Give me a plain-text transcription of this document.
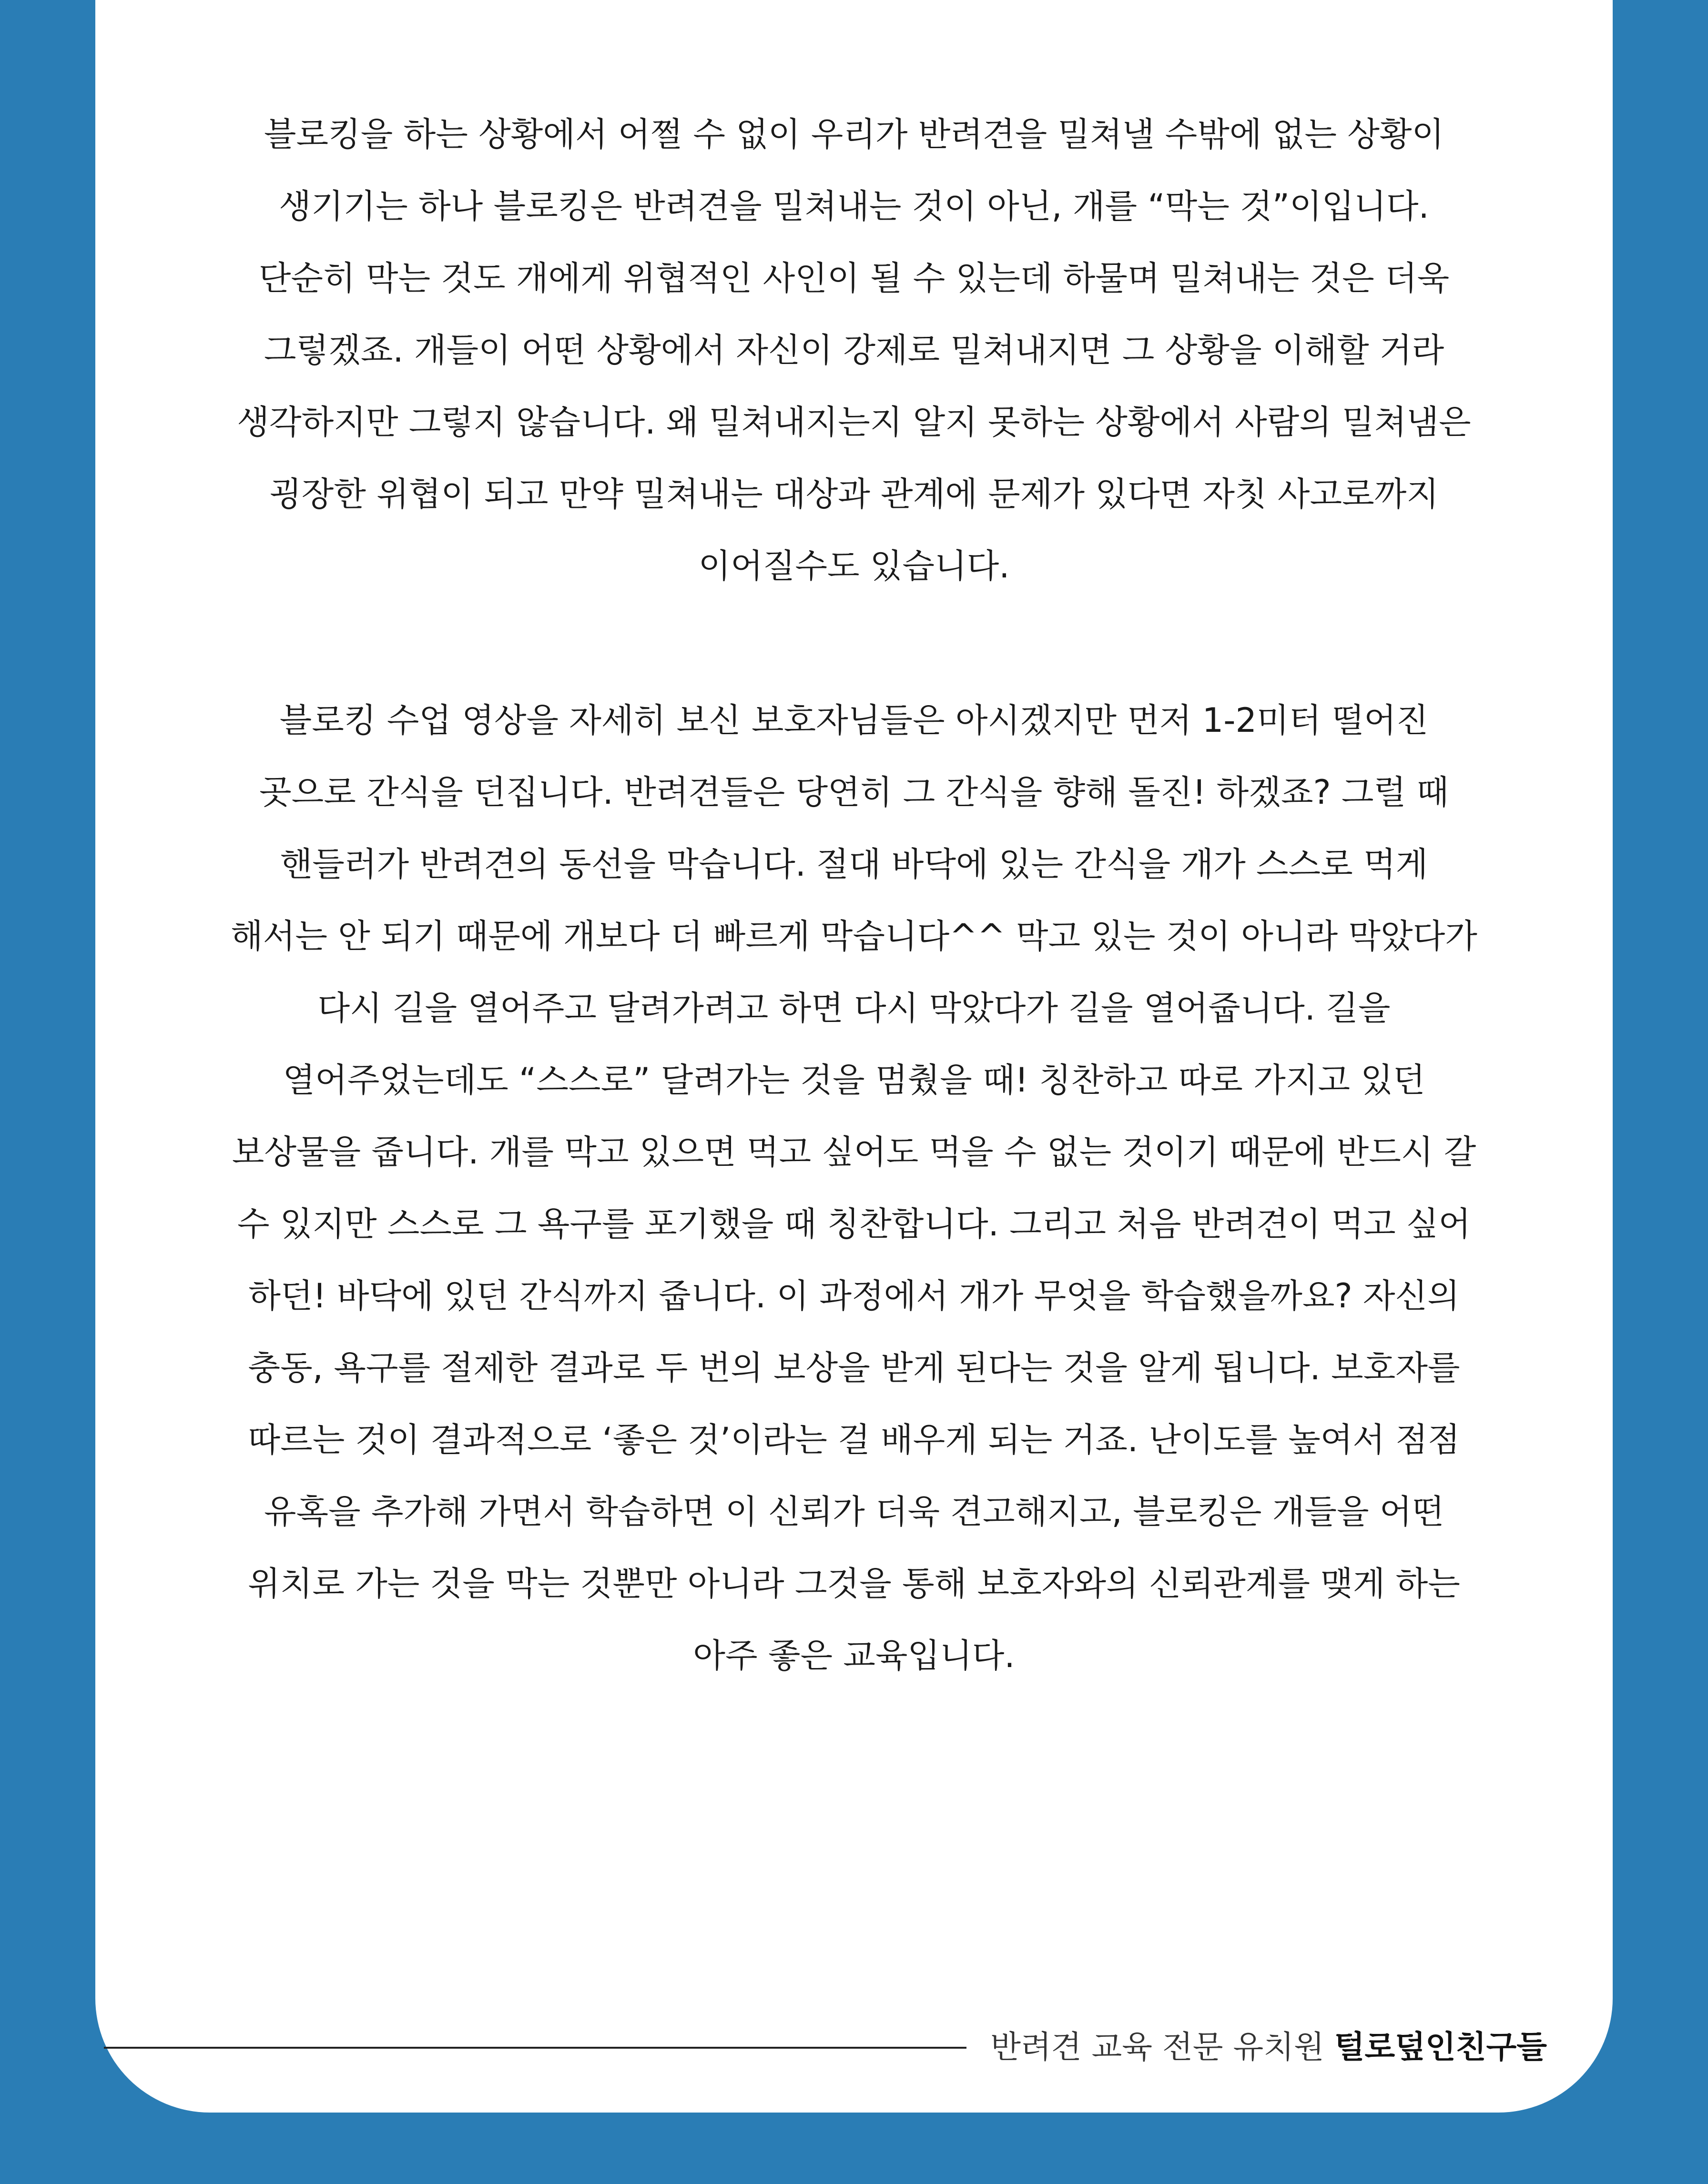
블로킹을 하는 상황에서 어쩔 수 없이 우리가 반려견을 밀쳐낼 수밖에 없는 상황이
생기기는 하나 블로킹은 반려견을 밀쳐내는 것이 아닌, 개를 “막는 것”이입니다.
단순히 막는 것도 개에게 위협적인 사인이 될 수 있는데 하물며 밀쳐내는 것은 더욱
그렇겠죠. 개들이 어떤 상황에서 자신이 강제로 밀쳐내지면 그 상황을 이해할 거라
생각하지만 그렇지 않습니다. 왜 밀쳐내지는지 알지 못하는 상황에서 사람의 밀쳐냄은
굉장한 위협이 되고 만약 밀쳐내는 대상과 관계에 문제가 있다면 자칫 사고로까지
이어질수도 있습니다.

블로킹 수업 영상을 자세히 보신 보호자님들은 아시겠지만 먼저 1-2미터 떨어진
곳으로 간식을 던집니다. 반려견들은 당연히 그 간식을 향해 돌진! 하겠죠? 그럴 때
핸들러가 반려견의 동선을 막습니다. 절대 바닥에 있는 간식을 개가 스스로 먹게
해서는 안 되기 때문에 개보다 더 빠르게 막습니다^^ 막고 있는 것이 아니라 막았다가
다시 길을 열어주고 달려가려고 하면 다시 막았다가 길을 열어줍니다. 길을
열어주었는데도 “스스로” 달려가는 것을 멈췄을 때! 칭찬하고 따로 가지고 있던
보상물을 줍니다. 개를 막고 있으면 먹고 싶어도 먹을 수 없는 것이기 때문에 반드시 갈
수 있지만 스스로 그 욕구를 포기했을 때 칭찬합니다. 그리고 처음 반려견이 먹고 싶어
하던! 바닥에 있던 간식까지 줍니다. 이 과정에서 개가 무엇을 학습했을까요? 자신의
충동, 욕구를 절제한 결과로 두 번의 보상을 받게 된다는 것을 알게 됩니다. 보호자를
따르는 것이 결과적으로 ‘좋은 것’이라는 걸 배우게 되는 거죠. 난이도를 높여서 점점
유혹을 추가해 가면서 학습하면 이 신뢰가 더욱 견고해지고, 블로킹은 개들을 어떤
위치로 가는 것을 막는 것뿐만 아니라 그것을 통해 보호자와의 신뢰관계를 맺게 하는
아주 좋은 교육입니다.

반려견 교육 전문 유치원 털로덮인친구들
